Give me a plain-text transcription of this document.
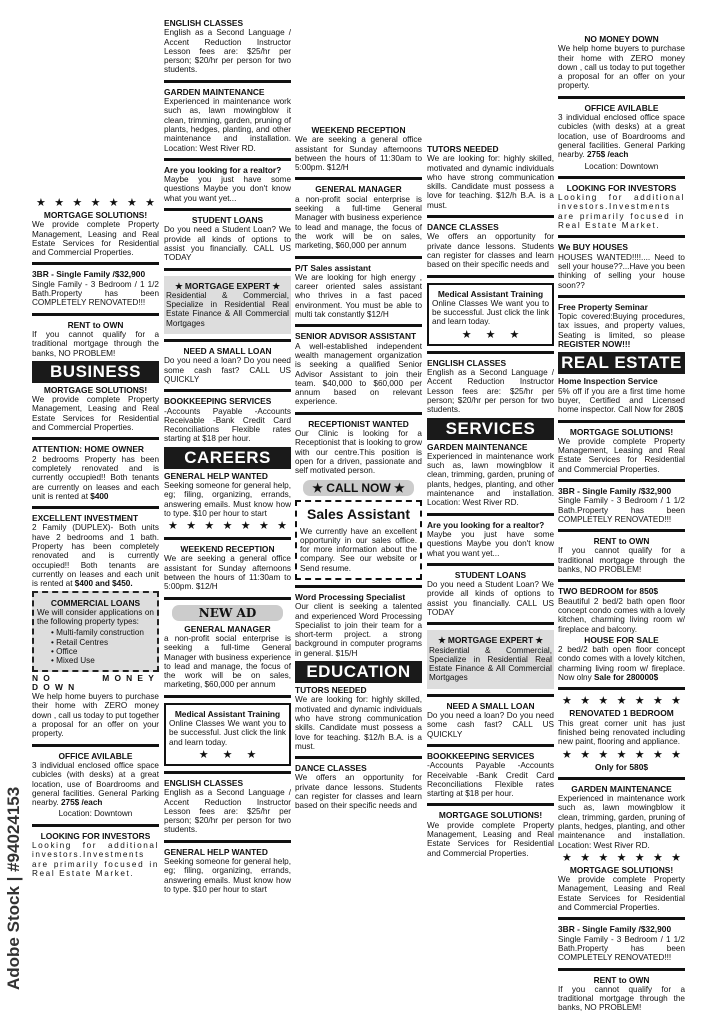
★ ★ ★ ★ ★ ★ ★
MORTGAGE SOLUTIONS!
We provide complete Property Management, Leasing and Real Estate Services for Residential and Commercial Properties.
3BR - Single Family /$32,900
Single Family - 3 Bedroom / 1 1/2 Bath.Property has been COMPLETELY RENOVATED!!!
RENT to OWN
If you cannot qualify for a traditional mortgage through the banks, NO PROBLEM!
BUSINESS
MORTGAGE SOLUTIONS!
We provide complete Property Management, Leasing and Real Estate Services for Residential and Commercial Properties.
ATTENTION: HOME OWNER
2 bedrooms Property has been completely renovated and is currently occupied!! Both tenants are currently on leases and each unit is rented at $400
EXCELLENT INVESTMENT
2 Family (DUPLEX)- Both units have 2 bedrooms and 1 bath. Property has been completely renovated and is currently occupied!! Both tenants are currently on leases and each unit is rented at $400 and $450.
COMMERCIAL LOANS
We will consider applications on the following property types:
• Multi-family construction
• Retail Centres
• Office
• Mixed Use
NO MONEY DOWN
We help home buyers to purchase their home with ZERO money down , call us today to put together a proposal for an offer on your property.
OFFICE AVILABLE
3 individual enclosed office space cubicles (with desks) at a great location, use of Boardrooms and general facilities. General Parking nearby. 275$ /each
Location: Downtown
LOOKING FOR INVESTORS
Looking for additional investors.Investments are primarily focused in Real Estate Market.
ENGLISH CLASSES
English as a Second Language / Accent Reduction Instructor Lesson fees are: $25/hr per person; $20/hr per person for two students.
GARDEN MAINTENANCE
Experienced in maintenance work such as, lawn mowingblow it clean, trimming, garden, pruning of plants, hedges, planting, and other maintenance and installation. Location: West River RD.
Are you looking for a realtor?
Maybe you just have some questions Maybe you don't know what you want yet...
STUDENT LOANS
Do you need a Student Loan? We provide all kinds of options to assist you financially. CALL US TODAY
★ MORTGAGE EXPERT ★
Residential & Commercial, Specialize in Residential Real Estate Finance & All Commercial Mortgages
NEED A SMALL LOAN
Do you need a loan? Do you need some cash fast? CALL US QUICKLY
BOOKKEEPING SERVICES
-Accounts Payable -Accounts Receivable -Bank Credit Card Reconciliations Flexible rates starting at $18 per hour.
CAREERS
GENERAL HELP WANTED
Seeking someone for general help, eg; filing, organizing, errands, answering emails. Must know how to type. $10 per hour to start
★ ★ ★ ★ ★ ★ ★
WEEKEND RECEPTION
We are seeking a general office assistant for Sunday afternoons between the hours of 11:30am to 5:00pm. $12/H
NEW AD
GENERAL MANAGER
a non-profit social enterprise is seeking a full-time General Manager with business experience to lead and manage, the focus of the work will be on sales, marketing, $60,000 per annum
Medical Assistant Training
Online Classes We want you to be successful. Just click the link and learn today.
★ ★ ★
ENGLISH CLASSES
English as a Second Language / Accent Reduction Instructor Lesson fees are: $25/hr per person; $20/hr per person for two students.
GENERAL HELP WANTED
Seeking someone for general help, eg; filing, organizing, errands, answering emails. Must know how to type. $10 per hour to start
WEEKEND RECEPTION
We are seeking a general office assistant for Sunday afternoons between the hours of 11:30am to 5:00pm. $12/H
GENERAL MANAGER
a non-profit social enterprise is seeking a full-time General Manager with business experience to lead and manage, the focus of the work will be on sales, marketing, $60,000 per annum
P/T Sales assistant
We are looking for high energy , career oriented sales assistant who thrives in a fast paced environment. You must be able to multi tak constantly $12/H
SENIOR ADVISOR ASSISTANT
A well-established independent wealth management organization is seeking a qualified Senior Advisor Assistant to join their team. $40,000 to $60,000 per annum based on relevant experience.
RECEPTIONIST WANTED
Our Clinic is looking for a Receptionist that is looking to grow with our centre.This position is open for a driven, passionate and self motivated person.
★ CALL NOW ★
Sales Assistant
We currently have an excellent opportunity in our sales office. for more information about the company. See our website or Send resume.
Word Processing Specialist
Our client is seeking a talented and experienced Word Processing Specialist to join their team for a short-term project. a strong background in computer programs in general. $15/H
EDUCATION
TUTORS NEEDED
We are looking for: highly skilled, motivated and dynamic individuals who have strong communication skills. Candidate must possess a love for teaching. $12/h B.A. is a must.
DANCE CLASSES
We offers an opportunity for private dance lessons. Students can register for classes and learn based on their specific needs and
TUTORS NEEDED
We are looking for: highly skilled, motivated and dynamic individuals who have strong communication skills. Candidate must possess a love for teaching. $12/h B.A. is a must.
DANCE CLASSES
We offers an opportunity for private dance lessons. Students can register for classes and learn based on their specific needs and
Medical Assistant Training
Online Classes We want you to be successful. Just click the link and learn today.
★ ★ ★
ENGLISH CLASSES
English as a Second Language / Accent Reduction Instructor Lesson fees are: $25/hr per person; $20/hr per person for two students.
SERVICES
GARDEN MAINTENANCE
Experienced in maintenance work such as, lawn mowingblow it clean, trimming, garden, pruning of plants, hedges, planting, and other maintenance and installation. Location: West River RD.
Are you looking for a realtor?
Maybe you just have some questions Maybe you don't know what you want yet...
STUDENT LOANS
Do you need a Student Loan? We provide all kinds of options to assist you financially. CALL US TODAY
★ MORTGAGE EXPERT ★
Residential & Commercial, Specialize in Residential Real Estate Finance & All Commercial Mortgages
NEED A SMALL LOAN
Do you need a loan? Do you need some cash fast? CALL US QUICKLY
BOOKKEEPING SERVICES
-Accounts Payable -Accounts Receivable -Bank Credit Card Reconciliations Flexible rates starting at $18 per hour.
MORTGAGE SOLUTIONS!
We provide complete Property Management, Leasing and Real Estate Services for Residential and Commercial Properties.
NO MONEY DOWN
We help home buyers to purchase their home with ZERO money down , call us today to put together a proposal for an offer on your property.
OFFICE AVILABLE
3 individual enclosed office space cubicles (with desks) at a great location, use of Boardrooms and general facilities. General Parking nearby. 275$ /each
Location: Downtown
LOOKING FOR INVESTORS
Looking for additional investors.Investments are primarily focused in Real Estate Market.
We BUY HOUSES
HOUSES WANTED!!!!.... Need to sell your house??...Have you been thinking of selling your house soon??
Free Property Seminar
Topic covered:Buying procedures, tax issues, and property values, Seating is limited, so please REGISTER NOW!!!
REAL ESTATE
Home Inspection Service
5% off if you are a first time home buyer, Certified and Licensed home inspector. Call Now for 280$
MORTGAGE SOLUTIONS!
We provide complete Property Management, Leasing and Real Estate Services for Residential and Commercial Properties.
3BR - Single Family /$32,900
Single Family - 3 Bedroom / 1 1/2 Bath.Property has been COMPLETELY RENOVATED!!!
RENT to OWN
If you cannot qualify for a traditional mortgage through the banks, NO PROBLEM!
TWO BEDROOM for 850$
Beautiful 2 bed/2 bath open floor concept condo comes with a lovely kitchen, charming living room w/ fireplace and balcony.
HOUSE FOR SALE
2 bed/2 bath open floor concept condo comes with a lovely kitchen, charming living room w/ fireplace. Now olny Sale for 280000$
★ ★ ★ ★ ★ ★ ★
RENOVATED 1 BEDROOM
This great corner unit has just finished being renovated including new paint, flooring and appliance.
★ ★ ★ ★ ★ ★ ★
Only for 580$
GARDEN MAINTENANCE
Experienced in maintenance work such as, lawn mowingblow it clean, trimming, garden, pruning of plants, hedges, planting, and other maintenance and installation. Location: West River RD.
★ ★ ★ ★ ★ ★ ★
MORTGAGE SOLUTIONS!
We provide complete Property Management, Leasing and Real Estate Services for Residential and Commercial Properties.
3BR - Single Family /$32,900
Single Family - 3 Bedroom / 1 1/2 Bath.Property has been COMPLETELY RENOVATED!!!
RENT to OWN
If you cannot qualify for a traditional mortgage through the banks, NO PROBLEM!
Adobe Stock | #94024153
